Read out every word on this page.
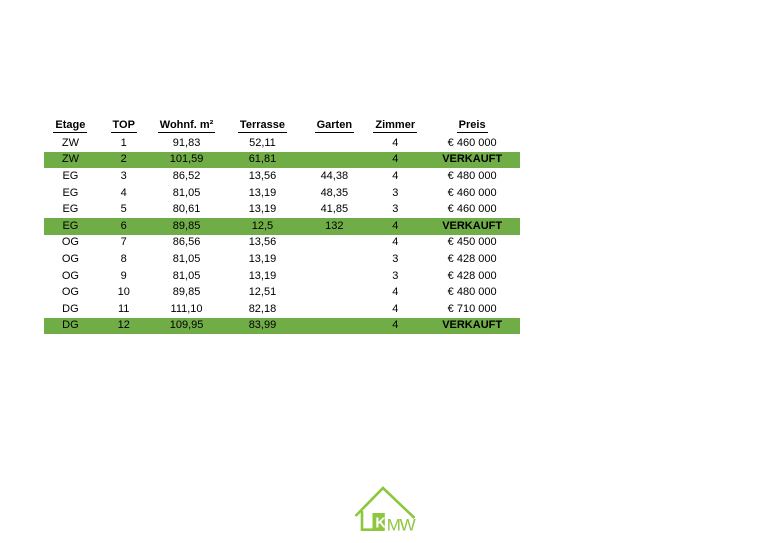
Etage	TOP	Wohnf. m²	Terrasse	Garten	Zimmer	Preis
ZW	1	91,83	52,11		4	€ 460 000
ZW	2	101,59	61,81		4	VERKAUFT
EG	3	86,52	13,56	44,38	4	€ 480 000
EG	4	81,05	13,19	48,35	3	€ 460 000
EG	5	80,61	13,19	41,85	3	€ 460 000
EG	6	89,85	12,5	132	4	VERKAUFT
OG	7	86,56	13,56		4	€ 450 000
OG	8	81,05	13,19		3	€ 428 000
OG	9	81,05	13,19		3	€ 428 000
OG	10	89,85	12,51		4	€ 480 000
DG	11	111,10	82,18		4	€ 710 000
DG	12	109,95	83,99		4	VERKAUFT
K M
W
